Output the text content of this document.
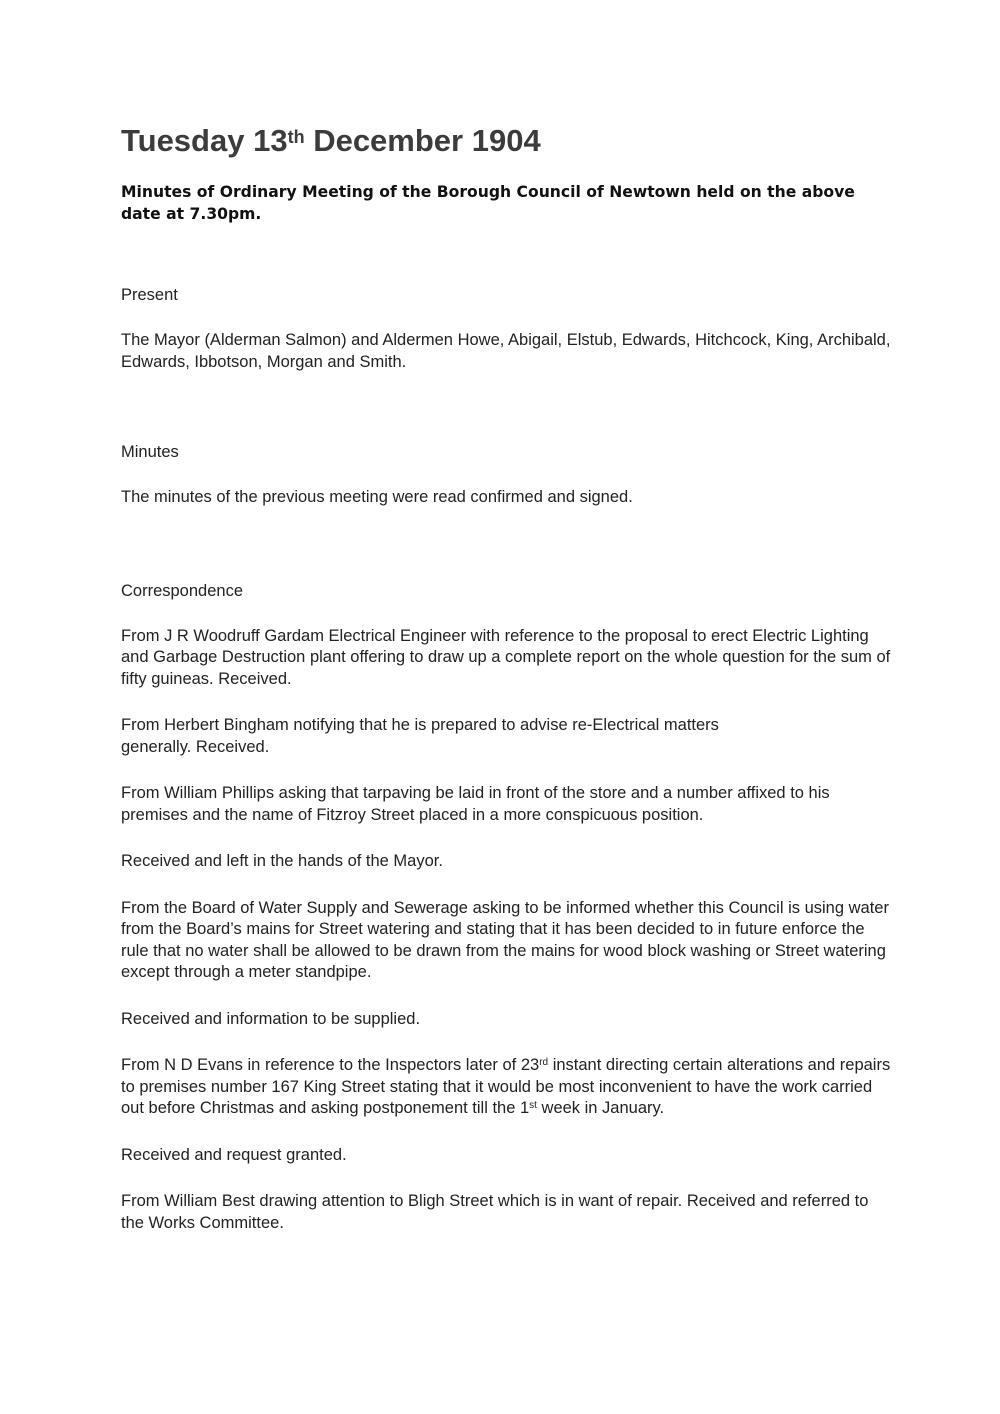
Tuesday 13th December 1904

Minutes of Ordinary Meeting of the Borough Council of Newtown held on the above date at 7.30pm.

Present

The Mayor (Alderman Salmon) and Aldermen Howe, Abigail, Elstub, Edwards, Hitchcock, King, Archibald, Edwards, Ibbotson, Morgan and Smith.

Minutes

The minutes of the previous meeting were read confirmed and signed.

Correspondence

From J R Woodruff Gardam Electrical Engineer with reference to the proposal to erect Electric Lighting and Garbage Destruction plant offering to draw up a complete report on the whole question for the sum of fifty guineas. Received.

From Herbert Bingham notifying that he is prepared to advise re-Electrical matters generally. Received.

From William Phillips asking that tarpaving be laid in front of the store and a number affixed to his premises and the name of Fitzroy Street placed in a more conspicuous position.

Received and left in the hands of the Mayor.

From the Board of Water Supply and Sewerage asking to be informed whether this Council is using water from the Board’s mains for Street watering and stating that it has been decided to in future enforce the rule that no water shall be allowed to be drawn from the mains for wood block washing or Street watering except through a meter standpipe.

Received and information to be supplied.

From N D Evans in reference to the Inspectors later of 23rd instant directing certain alterations and repairs to premises number 167 King Street stating that it would be most inconvenient to have the work carried out before Christmas and asking postponement till the 1st week in January.

Received and request granted.

From William Best drawing attention to Bligh Street which is in want of repair. Received and referred to the Works Committee.
